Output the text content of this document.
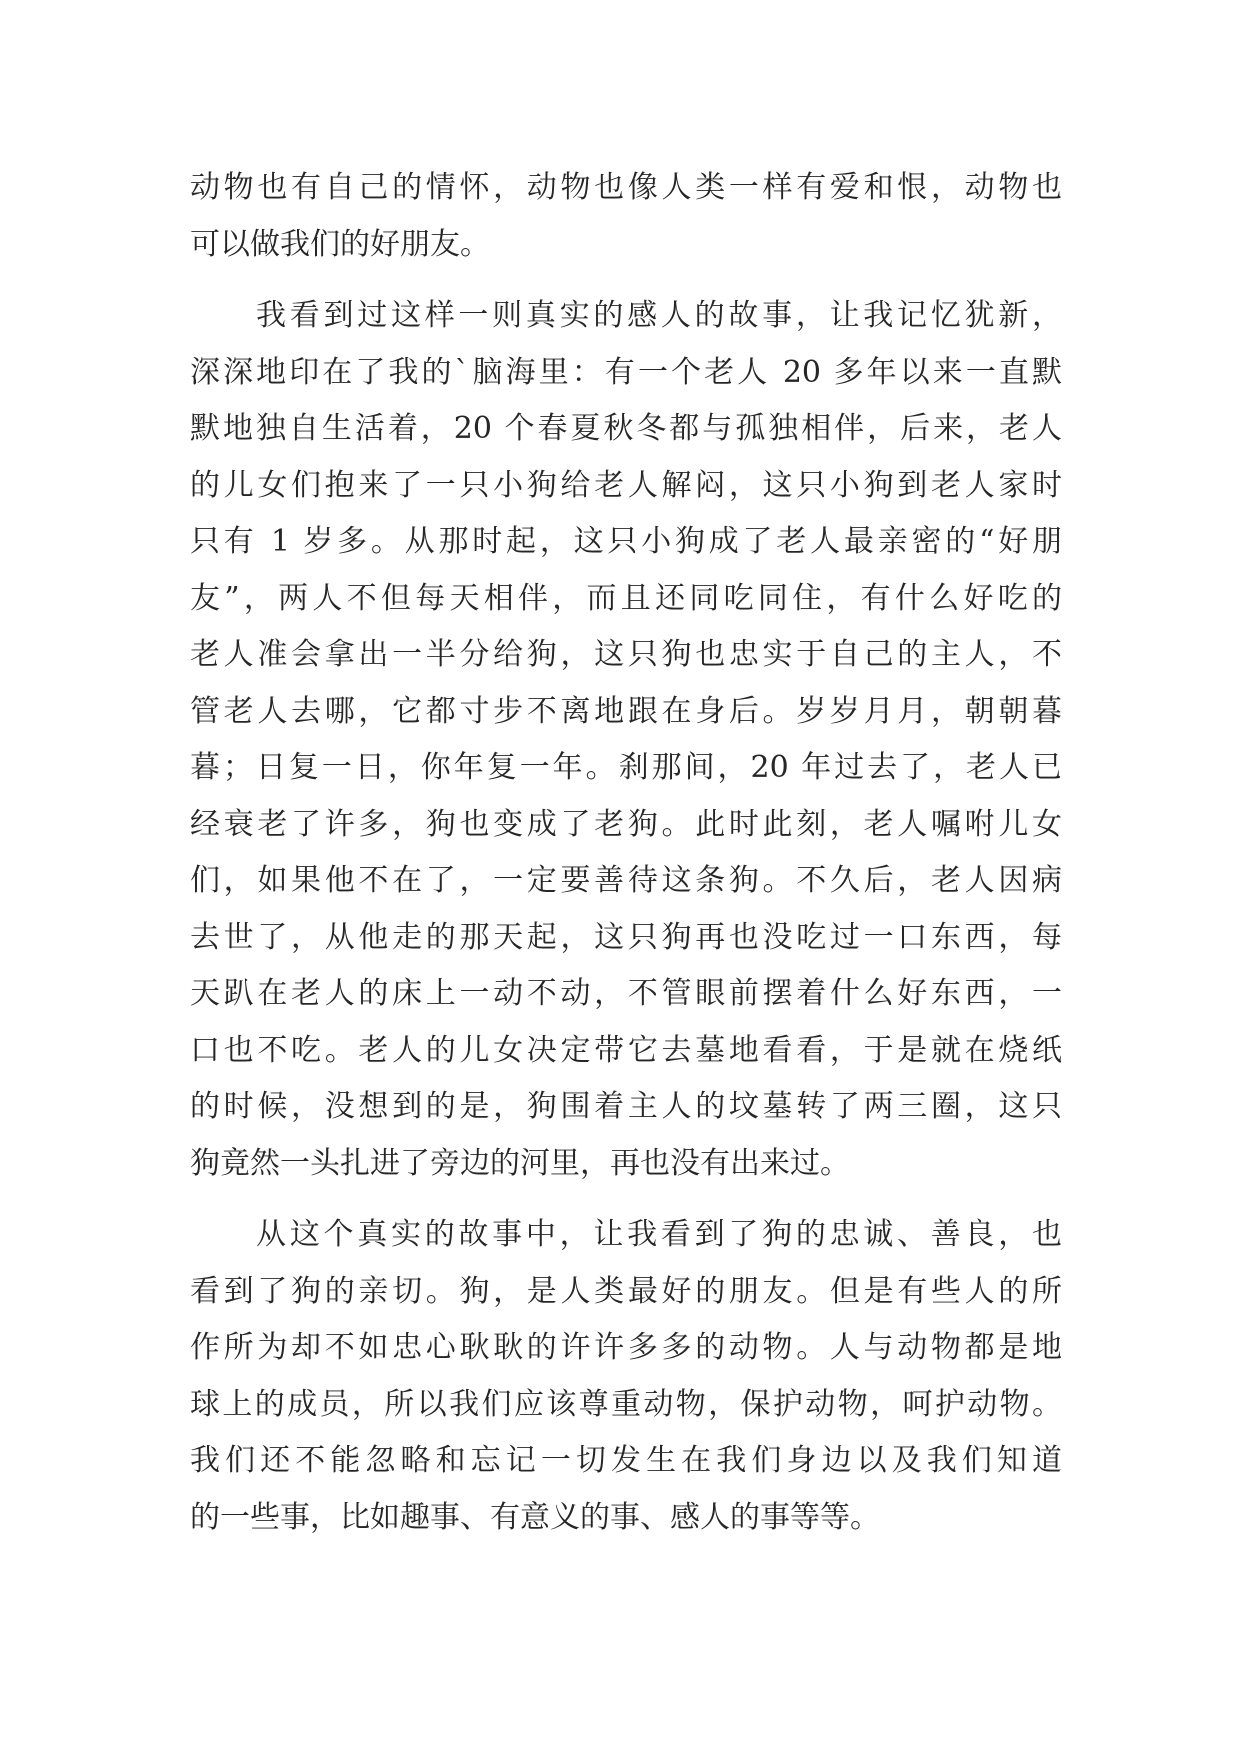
动物也有自己的情怀，动物也像人类一样有爱和恨，动物也
可以做我们的好朋友。
我看到过这样一则真实的感人的故事，让我记忆犹新，
深深地印在了我的`脑海里：有一个老人 20 多年以来一直默
默地独自生活着，20 个春夏秋冬都与孤独相伴，后来，老人
的儿女们抱来了一只小狗给老人解闷，这只小狗到老人家时
只有 1 岁多。从那时起，这只小狗成了老人最亲密的“好朋
友”，两人不但每天相伴，而且还同吃同住，有什么好吃的
老人准会拿出一半分给狗，这只狗也忠实于自己的主人，不
管老人去哪，它都寸步不离地跟在身后。岁岁月月，朝朝暮
暮；日复一日，你年复一年。刹那间，20 年过去了，老人已
经衰老了许多，狗也变成了老狗。此时此刻，老人嘱咐儿女
们，如果他不在了，一定要善待这条狗。不久后，老人因病
去世了，从他走的那天起，这只狗再也没吃过一口东西，每
天趴在老人的床上一动不动，不管眼前摆着什么好东西，一
口也不吃。老人的儿女决定带它去墓地看看，于是就在烧纸
的时候，没想到的是，狗围着主人的坟墓转了两三圈，这只
狗竟然一头扎进了旁边的河里，再也没有出来过。
从这个真实的故事中，让我看到了狗的忠诚、善良，也
看到了狗的亲切。狗，是人类最好的朋友。但是有些人的所
作所为却不如忠心耿耿的许许多多的动物。人与动物都是地
球上的成员，所以我们应该尊重动物，保护动物，呵护动物。
我们还不能忽略和忘记一切发生在我们身边以及我们知道
的一些事，比如趣事、有意义的事、感人的事等等。
